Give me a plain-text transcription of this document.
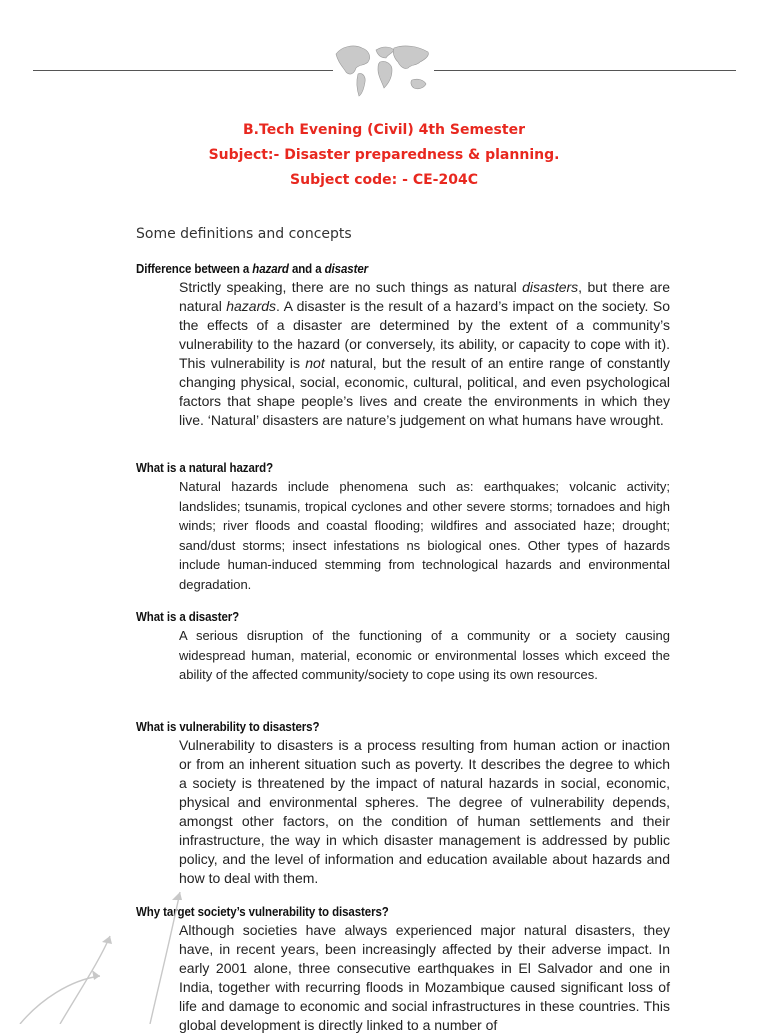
B.Tech Evening (Civil) 4th Semester
Subject:- Disaster preparedness & planning.
Subject code: - CE-204C
Some definitions and concepts
Difference between a hazard and a disaster
Strictly speaking, there are no such things as natural disasters, but there are natural hazards. A disaster is the result of a hazard’s impact on the society. So the effects of a disaster are determined by the extent of a community’s vulnerability to the hazard (or conversely, its ability, or capacity to cope with it). This vulnerability is not natural, but the result of an entire range of constantly changing physical, social, economic, cultural, political, and even psychological factors that shape people’s lives and create the environments in which they live. ‘Natural’ disasters are nature’s judgement on what humans have wrought.
What is a natural hazard?
Natural hazards include phenomena such as: earthquakes; volcanic activity; landslides; tsunamis, tropical cyclones and other severe storms; tornadoes and high winds; river floods and coastal flooding; wildfires and associated haze; drought; sand/dust storms; insect infestations ns biological ones. Other types of hazards include human-induced stemming from technological hazards and environmental degradation.
What is a disaster?
A serious disruption of the functioning of a community or a society causing widespread human, material, economic or environmental losses which exceed the ability of the affected community/society to cope using its own resources.
What is vulnerability to disasters?
Vulnerability to disasters is a process resulting from human action or inaction or from an inherent situation such as poverty. It describes the degree to which a society is threatened by the impact of natural hazards in social, economic, physical and environmental spheres. The degree of vulnerability depends, amongst other factors, on the condition of human settlements and their infrastructure, the way in which disaster management is addressed by public policy, and the level of information and education available about hazards and how to deal with them.
Why target society’s vulnerability to disasters?
Although societies have always experienced major natural disasters, they have, in recent years, been increasingly affected by their adverse impact. In early 2001 alone, three consecutive earthquakes in El Salvador and one in India, together with recurring floods in Mozambique caused significant loss of life and damage to economic and social infrastructures in these countries. This global development is directly linked to a number of
